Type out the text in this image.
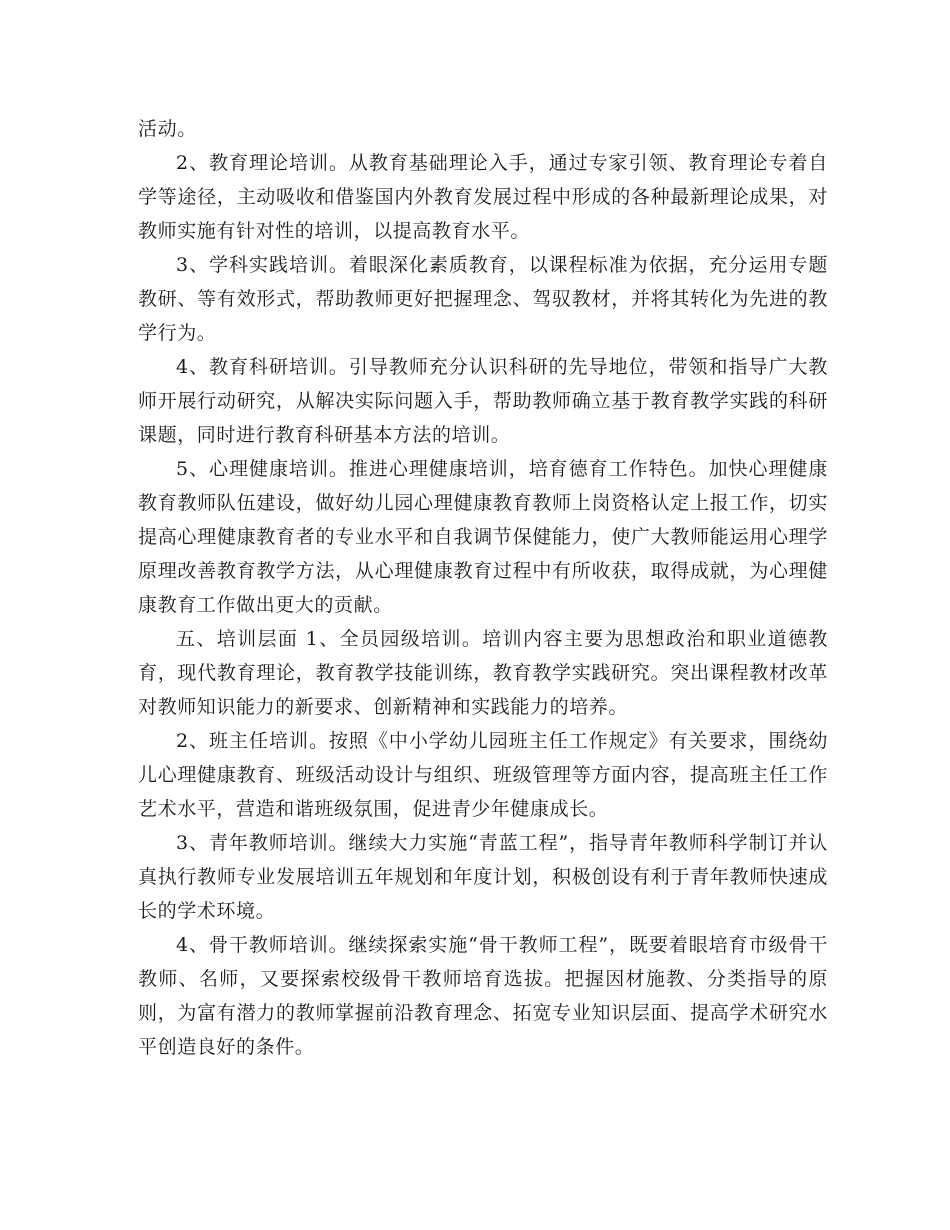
活动。

2、教育理论培训。从教育基础理论入手，通过专家引领、教育理论专着自学等途径，主动吸收和借鉴国内外教育发展过程中形成的各种最新理论成果，对教师实施有针对性的培训，以提高教育水平。

3、学科实践培训。着眼深化素质教育，以课程标准为依据，充分运用专题教研、等有效形式，帮助教师更好把握理念、驾驭教材，并将其转化为先进的教学行为。

4、教育科研培训。引导教师充分认识科研的先导地位，带领和指导广大教师开展行动研究，从解决实际问题入手，帮助教师确立基于教育教学实践的科研课题，同时进行教育科研基本方法的培训。

5、心理健康培训。推进心理健康培训，培育德育工作特色。加快心理健康教育教师队伍建设，做好幼儿园心理健康教育教师上岗资格认定上报工作，切实提高心理健康教育者的专业水平和自我调节保健能力，使广大教师能运用心理学原理改善教育教学方法，从心理健康教育过程中有所收获，取得成就，为心理健康教育工作做出更大的贡献。

五、培训层面 1、全员园级培训。培训内容主要为思想政治和职业道德教育，现代教育理论，教育教学技能训练，教育教学实践研究。突出课程教材改革对教师知识能力的新要求、创新精神和实践能力的培养。

2、班主任培训。按照《中小学幼儿园班主任工作规定》有关要求，围绕幼儿心理健康教育、班级活动设计与组织、班级管理等方面内容，提高班主任工作艺术水平，营造和谐班级氛围，促进青少年健康成长。

3、青年教师培训。继续大力实施“青蓝工程”，指导青年教师科学制订并认真执行教师专业发展培训五年规划和年度计划，积极创设有利于青年教师快速成长的学术环境。

4、骨干教师培训。继续探索实施“骨干教师工程”，既要着眼培育市级骨干教师、名师，又要探索校级骨干教师培育选拔。把握因材施教、分类指导的原则，为富有潜力的教师掌握前沿教育理念、拓宽专业知识层面、提高学术研究水平创造良好的条件。
